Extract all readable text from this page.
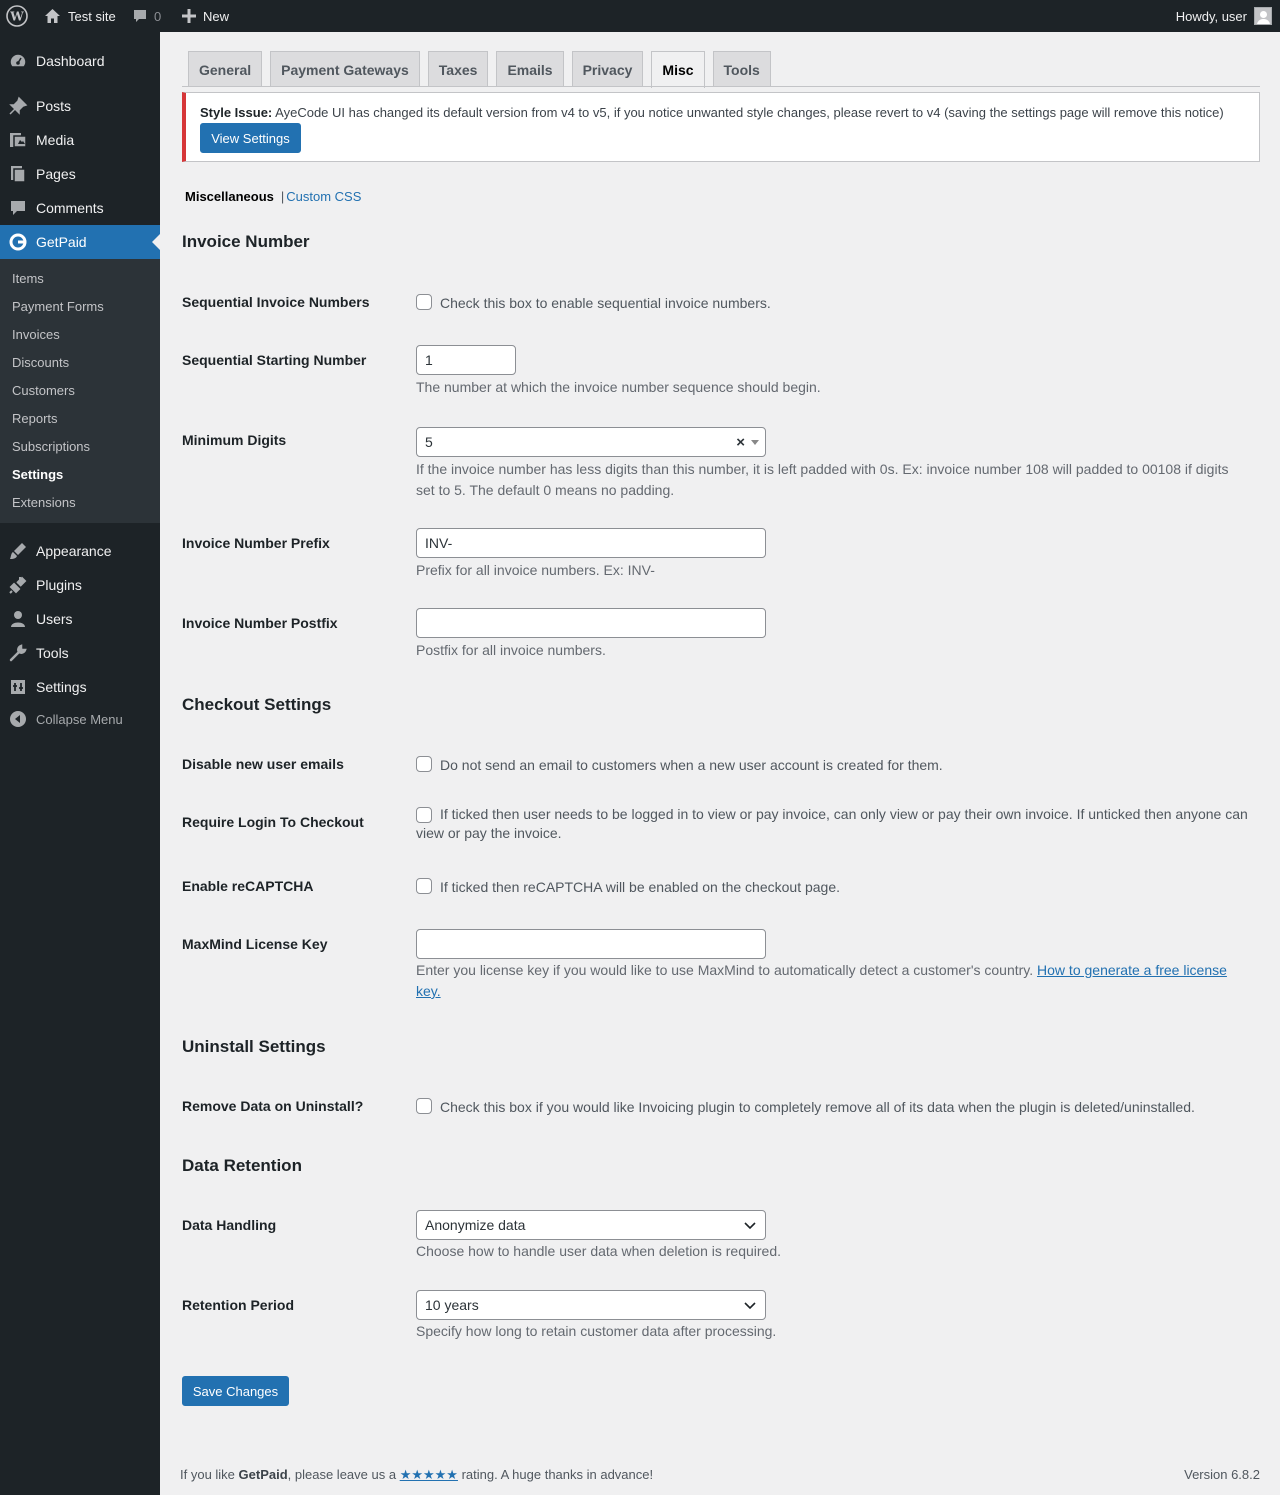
W	Test site	0	New	Howdy, user
Dashboard
Posts
Media
Pages
Comments
GetPaid
Items
Payment Forms
Invoices
Discounts
Customers
Reports
Subscriptions
Settings
Extensions
Appearance
Plugins
Users
Tools
Settings
Collapse Menu
General	Payment Gateways	Taxes	Emails	Privacy	Misc	Tools
Style Issue: AyeCode UI has changed its default version from v4 to v5, if you notice unwanted style changes, please revert to v4 (saving the settings page will remove this notice)
View Settings
Miscellaneous | Custom CSS
Invoice Number
Sequential Invoice Numbers	Check this box to enable sequential invoice numbers.
Sequential Starting Number	1
The number at which the invoice number sequence should begin.
Minimum Digits	5	×
If the invoice number has less digits than this number, it is left padded with 0s. Ex: invoice number 108 will padded to 00108 if digits
set to 5. The default 0 means no padding.
Invoice Number Prefix	INV-
Prefix for all invoice numbers. Ex: INV-
Invoice Number Postfix
Postfix for all invoice numbers.
Checkout Settings
Disable new user emails	Do not send an email to customers when a new user account is created for them.
Require Login To Checkout	If ticked then user needs to be logged in to view or pay invoice, can only view or pay their own invoice. If unticked then anyone can
view or pay the invoice.
Enable reCAPTCHA	If ticked then reCAPTCHA will be enabled on the checkout page.
MaxMind License Key
Enter you license key if you would like to use MaxMind to automatically detect a customer's country. How to generate a free license
key.
Uninstall Settings
Remove Data on Uninstall?	Check this box if you would like Invoicing plugin to completely remove all of its data when the plugin is deleted/uninstalled.
Data Retention
Data Handling	Anonymize data
Choose how to handle user data when deletion is required.
Retention Period	10 years
Specify how long to retain customer data after processing.
Save Changes
If you like GetPaid, please leave us a ★★★★★ rating. A huge thanks in advance!	Version 6.8.2
